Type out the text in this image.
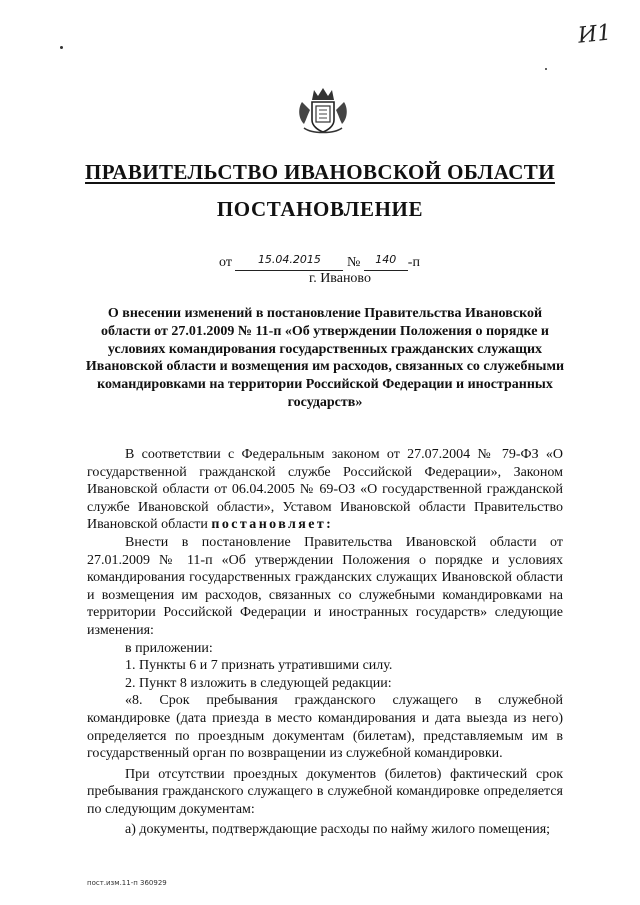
И1
ПРАВИТЕЛЬСТВО ИВАНОВСКОЙ ОБЛАСТИ
ПОСТАНОВЛЕНИЕ
от $^{15.04.2015}$ № $^{140}$ -п
г. Иваново
О внесении изменений в постановление Правительства Ивановской области от 27.01.2009 № 11-п «Об утверждении Положения о порядке и условиях командирования государственных гражданских служащих Ивановской области и возмещения им расходов, связанных со служебными командировками на территории Российской Федерации и иностранных государств»

В соответствии с Федеральным законом от 27.07.2004 № 79-ФЗ «О государственной гражданской службе Российской Федерации», Законом Ивановской области от 06.04.2005 № 69-ОЗ «О государственной гражданской службе Ивановской области», Уставом Ивановской области Правительство Ивановской области постановляет:

Внести в постановление Правительства Ивановской области от 27.01.2009 № 11-п «Об утверждении Положения о порядке и условиях командирования государственных гражданских служащих Ивановской области и возмещения им расходов, связанных со служебными командировками на территории Российской Федерации и иностранных государств» следующие изменения:

в приложении:

1. Пункты 6 и 7 признать утратившими силу.

2. Пункт 8 изложить в следующей редакции:

«8. Срок пребывания гражданского служащего в служебной командировке (дата приезда в место командирования и дата выезда из него) определяется по проездным документам (билетам), представляемым им в государственный орган по возвращении из служебной командировки.

При отсутствии проездных документов (билетов) фактический срок пребывания гражданского служащего в служебной командировке определяется по следующим документам:

а) документы, подтверждающие расходы по найму жилого помещения;

пост.изм.11-п 360929
